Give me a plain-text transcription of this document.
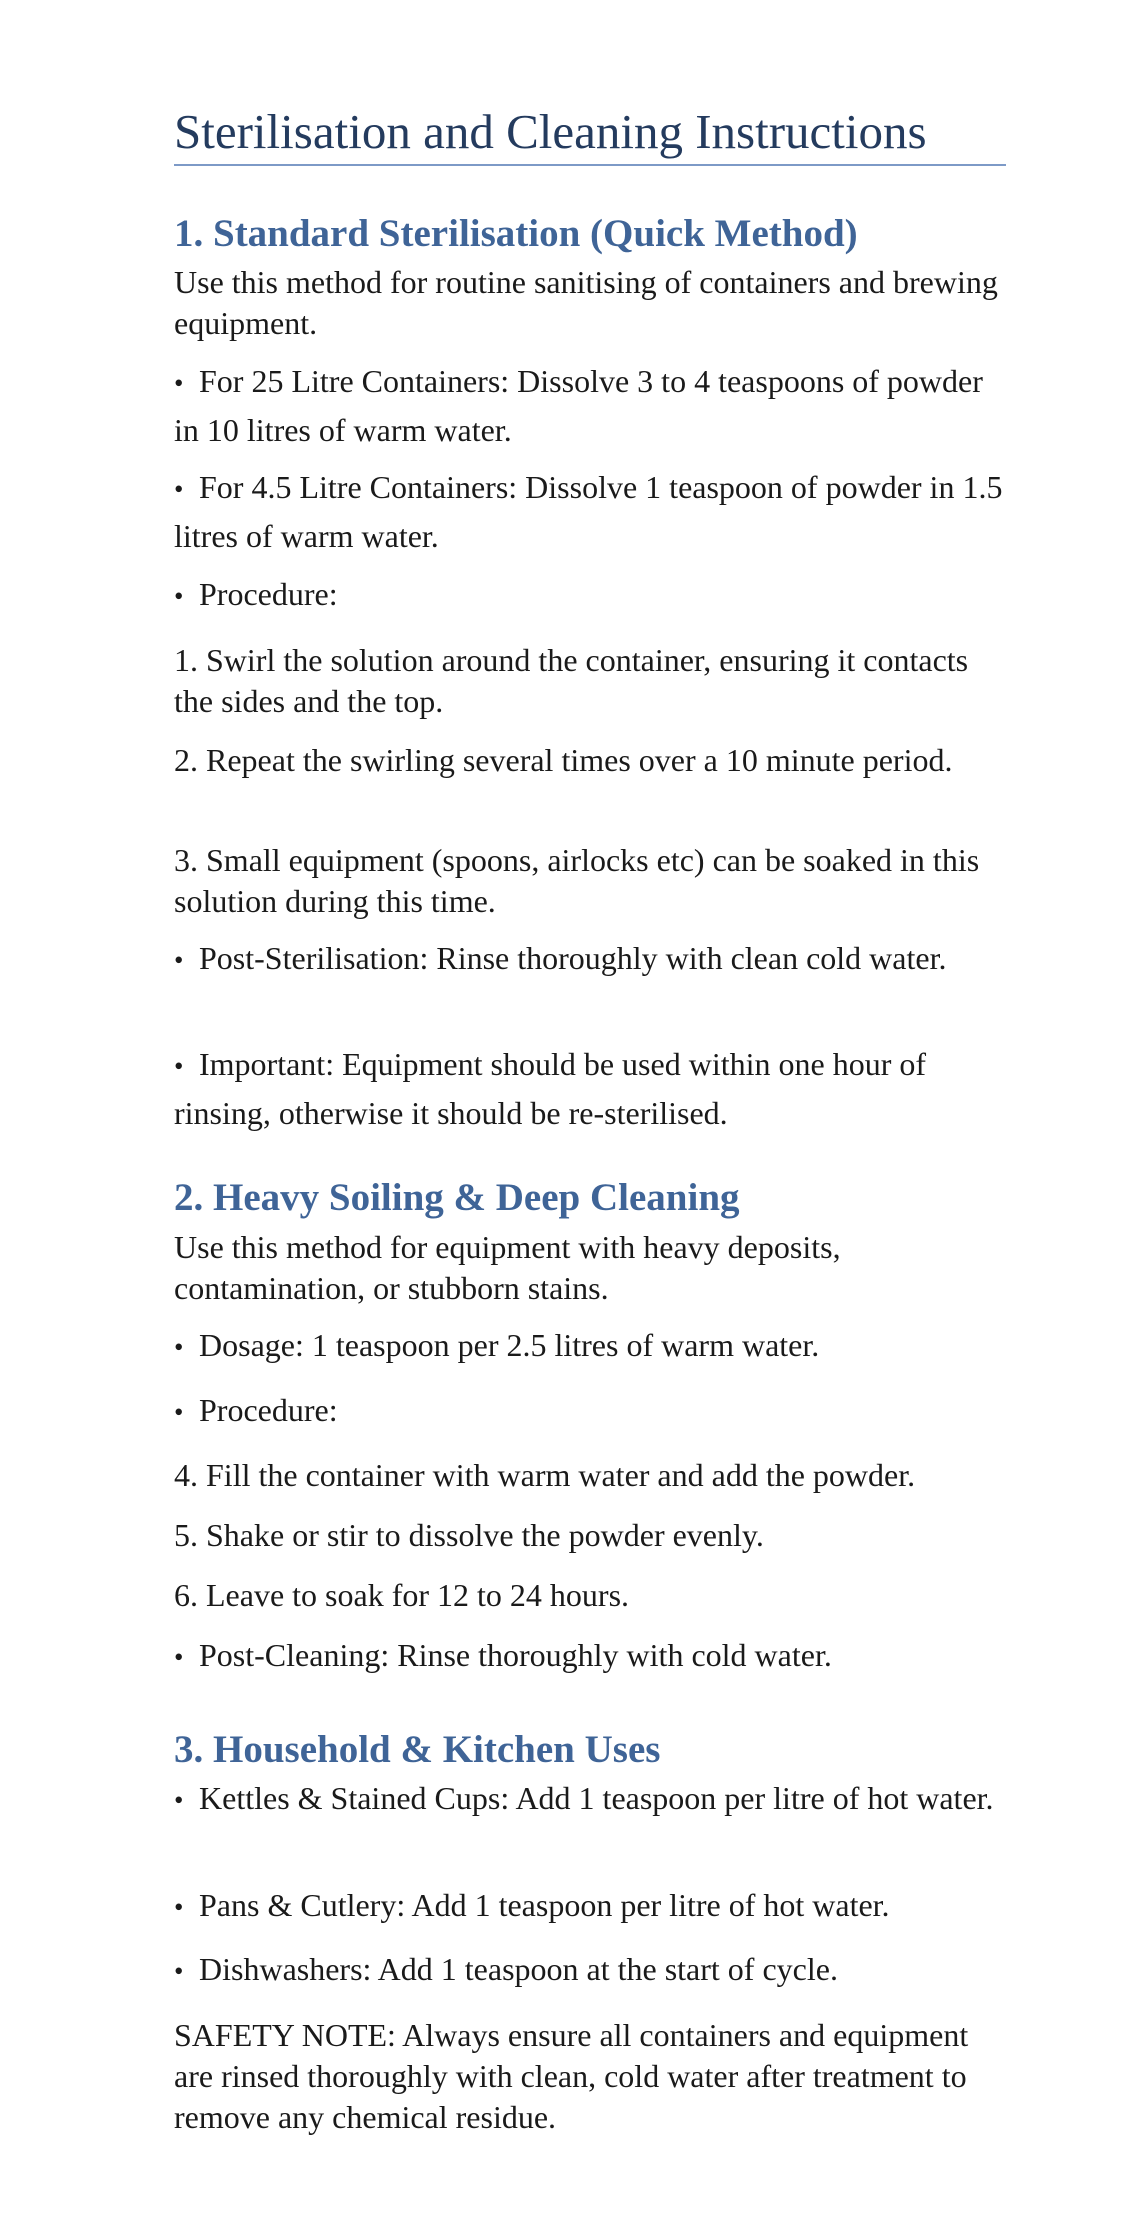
Sterilisation and Cleaning Instructions
1. Standard Sterilisation (Quick Method)

Use this method for routine sanitising of containers and brewing equipment.

• For 25 Litre Containers: Dissolve 3 to 4 teaspoons of powder in 10 litres of warm water.

• For 4.5 Litre Containers: Dissolve 1 teaspoon of powder in 1.5 litres of warm water.

• Procedure:

1. Swirl the solution around the container, ensuring it contacts the sides and the top.

2. Repeat the swirling several times over a 10 minute period.

3. Small equipment (spoons, airlocks etc) can be soaked in this solution during this time.

• Post-Sterilisation: Rinse thoroughly with clean cold water.

• Important: Equipment should be used within one hour of rinsing, otherwise it should be re-sterilised.

2. Heavy Soiling & Deep Cleaning

Use this method for equipment with heavy deposits, contamination, or stubborn stains.

• Dosage: 1 teaspoon per 2.5 litres of warm water.

• Procedure:

4. Fill the container with warm water and add the powder.

5. Shake or stir to dissolve the powder evenly.

6. Leave to soak for 12 to 24 hours.

• Post-Cleaning: Rinse thoroughly with cold water.

3. Household & Kitchen Uses

• Kettles & Stained Cups: Add 1 teaspoon per litre of hot water.

• Pans & Cutlery: Add 1 teaspoon per litre of hot water.

• Dishwashers: Add 1 teaspoon at the start of cycle.

SAFETY NOTE: Always ensure all containers and equipment are rinsed thoroughly with clean, cold water after treatment to remove any chemical residue.
